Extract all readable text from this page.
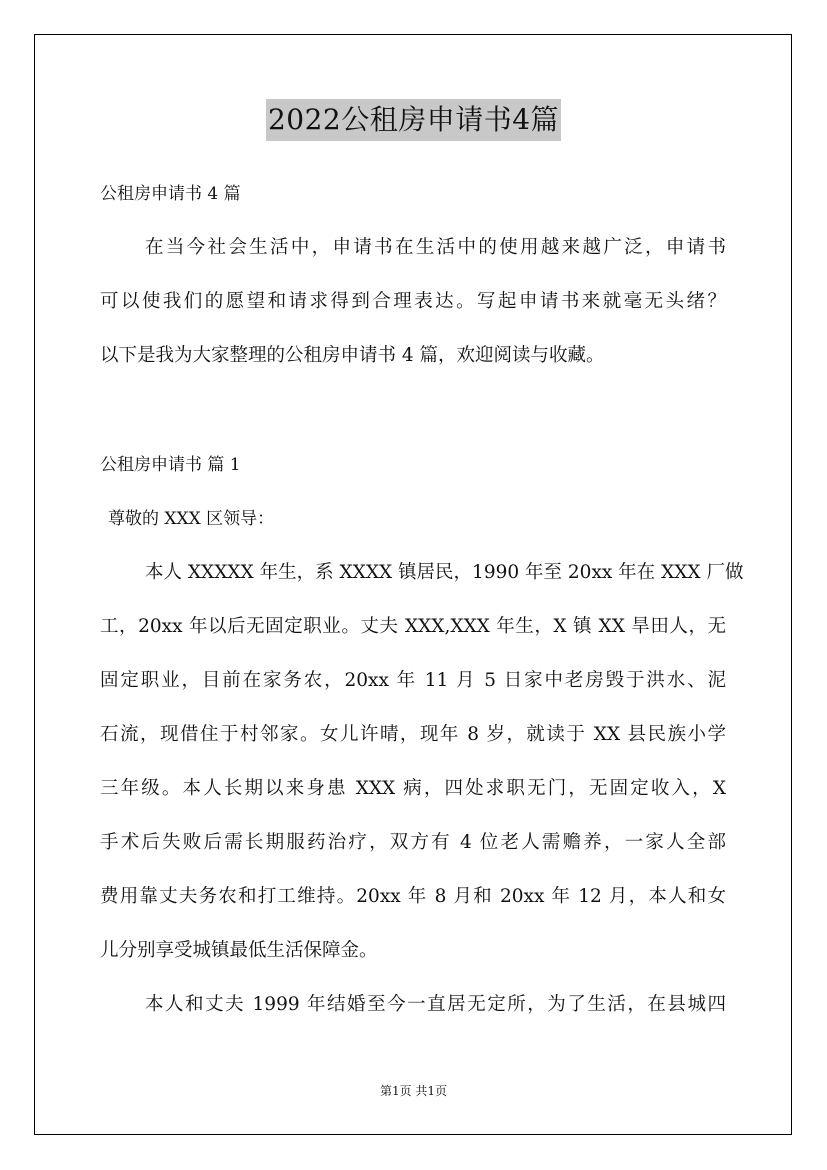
2022公租房申请书4篇
公租房申请书 4 篇
在当今社会生活中，申请书在生活中的使用越来越广泛，申请书
可以使我们的愿望和请求得到合理表达。写起申请书来就毫无头绪？
以下是我为大家整理的公租房申请书 4 篇，欢迎阅读与收藏。
公租房申请书 篇 1
尊敬的 XXX 区领导：
本人 XXXXX 年生，系 XXXX 镇居民，1990 年至 20xx 年在 XXX 厂做
工，20xx 年以后无固定职业。丈夫 XXX,XXX 年生，X 镇 XX 旱田人，无
固定职业，目前在家务农，20xx 年 11 月 5 日家中老房毁于洪水、泥
石流，现借住于村邻家。女儿许晴，现年 8 岁，就读于 XX 县民族小学
三年级。本人长期以来身患 XXX 病，四处求职无门，无固定收入，X
手术后失败后需长期服药治疗，双方有 4 位老人需赡养，一家人全部
费用靠丈夫务农和打工维持。20xx 年 8 月和 20xx 年 12 月，本人和女
儿分别享受城镇最低生活保障金。
本人和丈夫 1999 年结婚至今一直居无定所，为了生活，在县城四
第1页 共1页
